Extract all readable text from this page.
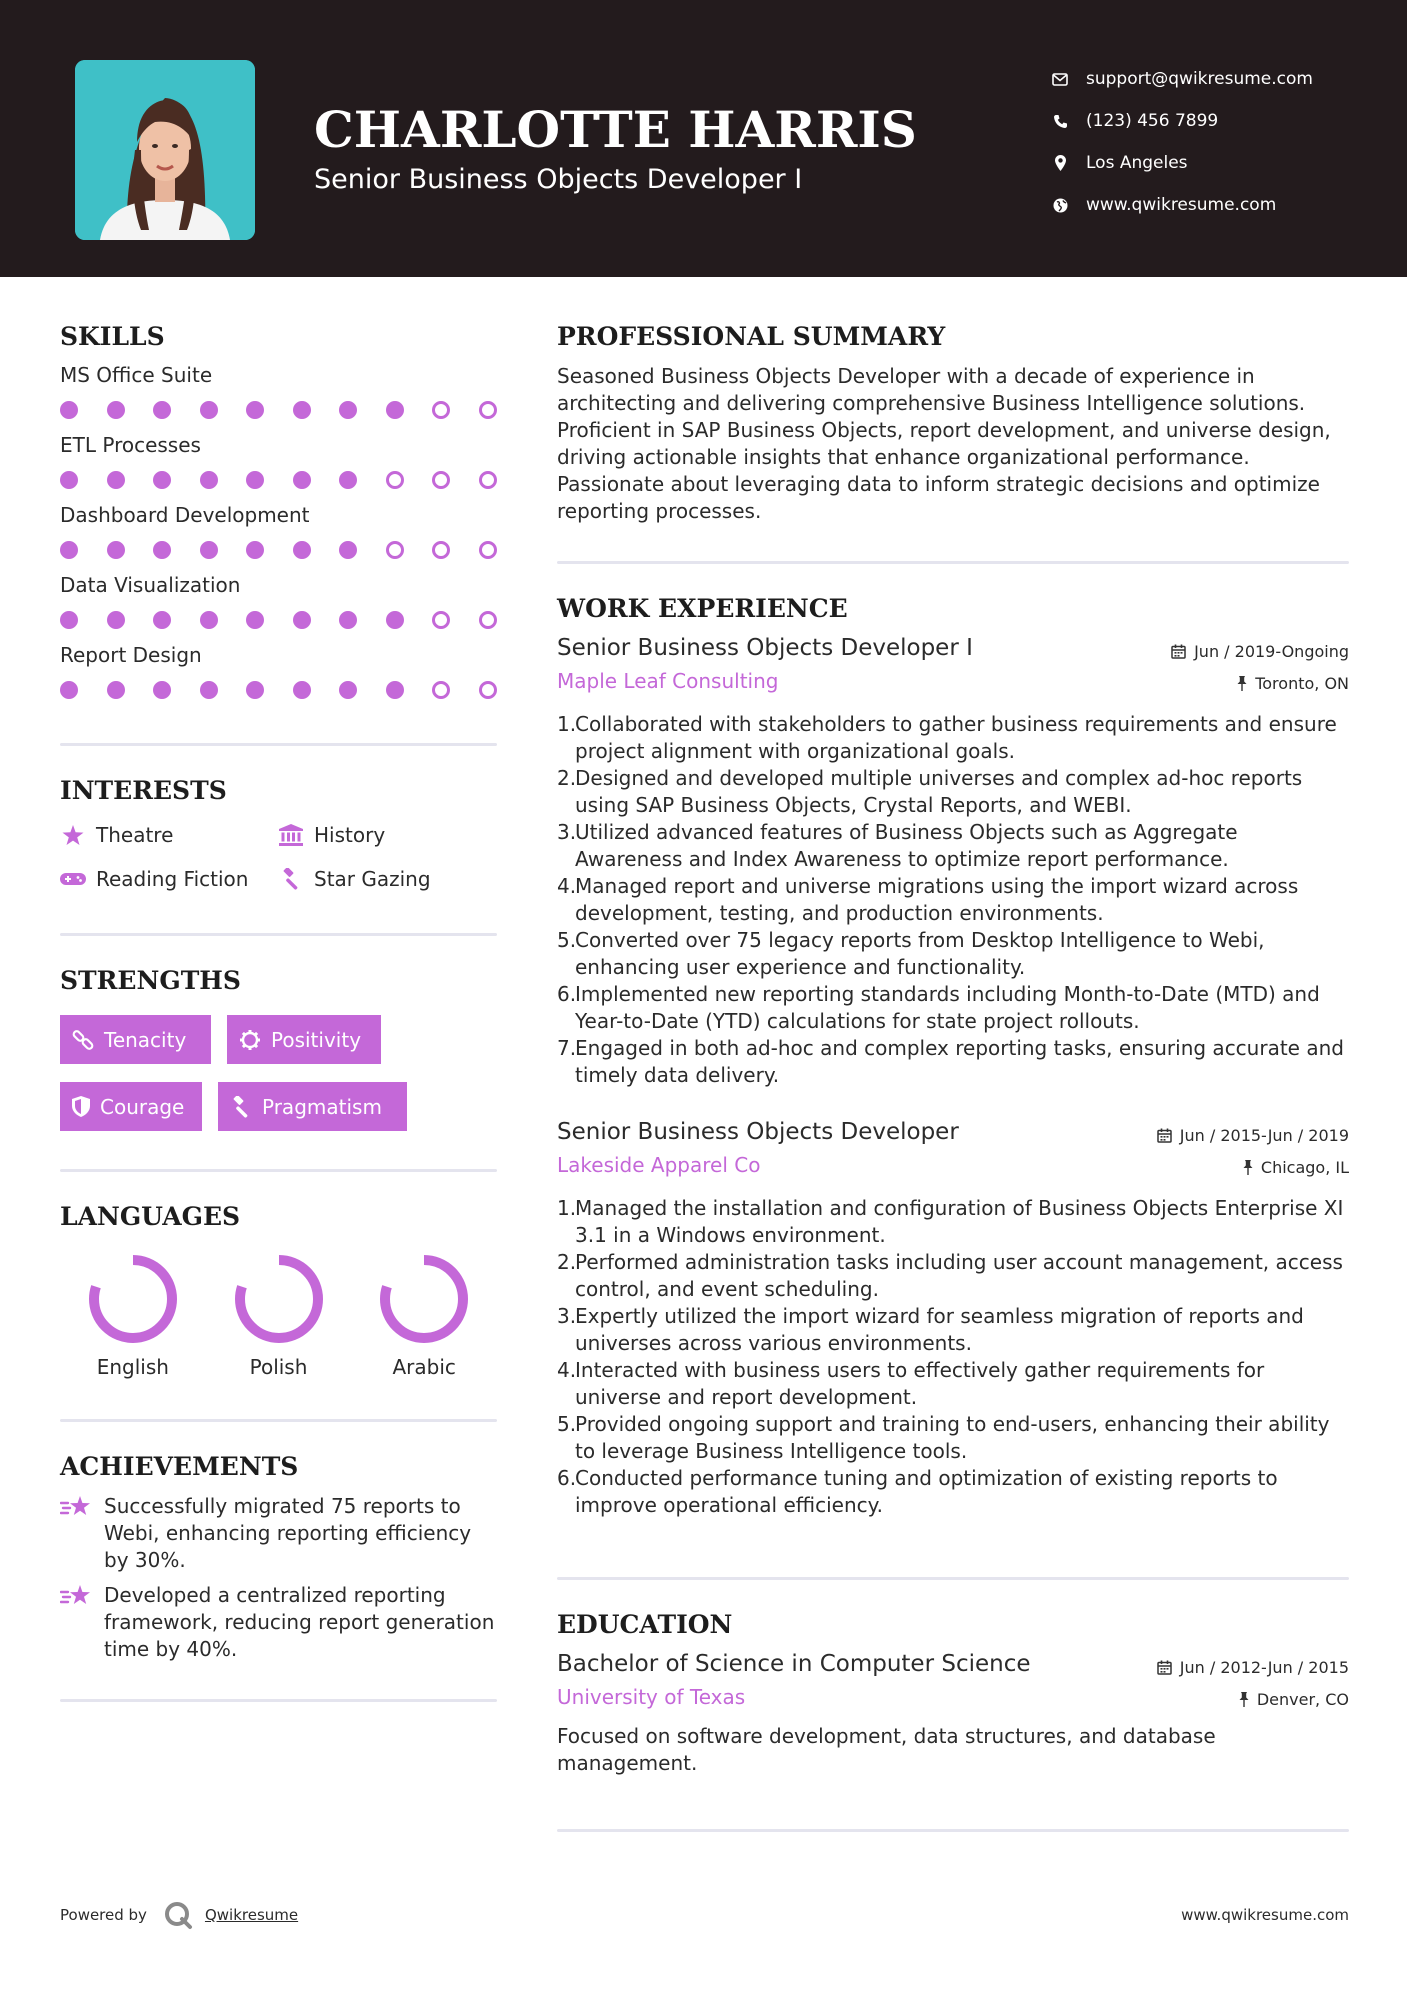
CHARLOTTE HARRIS
Senior Business Objects Developer I
support@qwikresume.com
(123) 456 7899
Los Angeles
www.qwikresume.com
SKILLS
MS Office Suite
ETL Processes
Dashboard Development
Data Visualization
Report Design
INTERESTS
Theatre	History
Reading Fiction	Star Gazing
STRENGTHS
Tenacity	Positivity
Courage	Pragmatism
LANGUAGES
English	Polish	Arabic
ACHIEVEMENTS
Successfully migrated 75 reports to Webi, enhancing reporting efficiency by 30%.
Developed a centralized reporting framework, reducing report generation time by 40%.
PROFESSIONAL SUMMARY

Seasoned Business Objects Developer with a decade of experience in architecting and delivering comprehensive Business Intelligence solutions. Proficient in SAP Business Objects, report development, and universe design, driving actionable insights that enhance organizational performance. Passionate about leveraging data to inform strategic decisions and optimize reporting processes.

WORK EXPERIENCE
Senior Business Objects Developer I	Jun / 2019-Ongoing
Maple Leaf Consulting	Toronto, ON
1.
Collaborated with stakeholders to gather business requirements and ensure project alignment with organizational goals.
2.
Designed and developed multiple universes and complex ad-hoc reports using SAP Business Objects, Crystal Reports, and WEBI.
3.
Utilized advanced features of Business Objects such as Aggregate Awareness and Index Awareness to optimize report performance.
4.
Managed report and universe migrations using the import wizard across development, testing, and production environments.
5.
Converted over 75 legacy reports from Desktop Intelligence to Webi, enhancing user experience and functionality.
6.
Implemented new reporting standards including Month-to-Date (MTD) and Year-to-Date (YTD) calculations for state project rollouts.
7.
Engaged in both ad-hoc and complex reporting tasks, ensuring accurate and timely data delivery.
Senior Business Objects Developer	Jun / 2015-Jun / 2019
Lakeside Apparel Co	Chicago, IL
1.
Managed the installation and configuration of Business Objects Enterprise XI 3.1 in a Windows environment.
2.
Performed administration tasks including user account management, access control, and event scheduling.
3.
Expertly utilized the import wizard for seamless migration of reports and universes across various environments.
4.
Interacted with business users to effectively gather requirements for universe and report development.
5.
Provided ongoing support and training to end-users, enhancing their ability to leverage Business Intelligence tools.
6.
Conducted performance tuning and optimization of existing reports to improve operational efficiency.
EDUCATION
Bachelor of Science in Computer Science	Jun / 2012-Jun / 2015
University of Texas	Denver, CO

Focused on software development, data structures, and database management.

Powered by	Qwikresume	www.qwikresume.com
